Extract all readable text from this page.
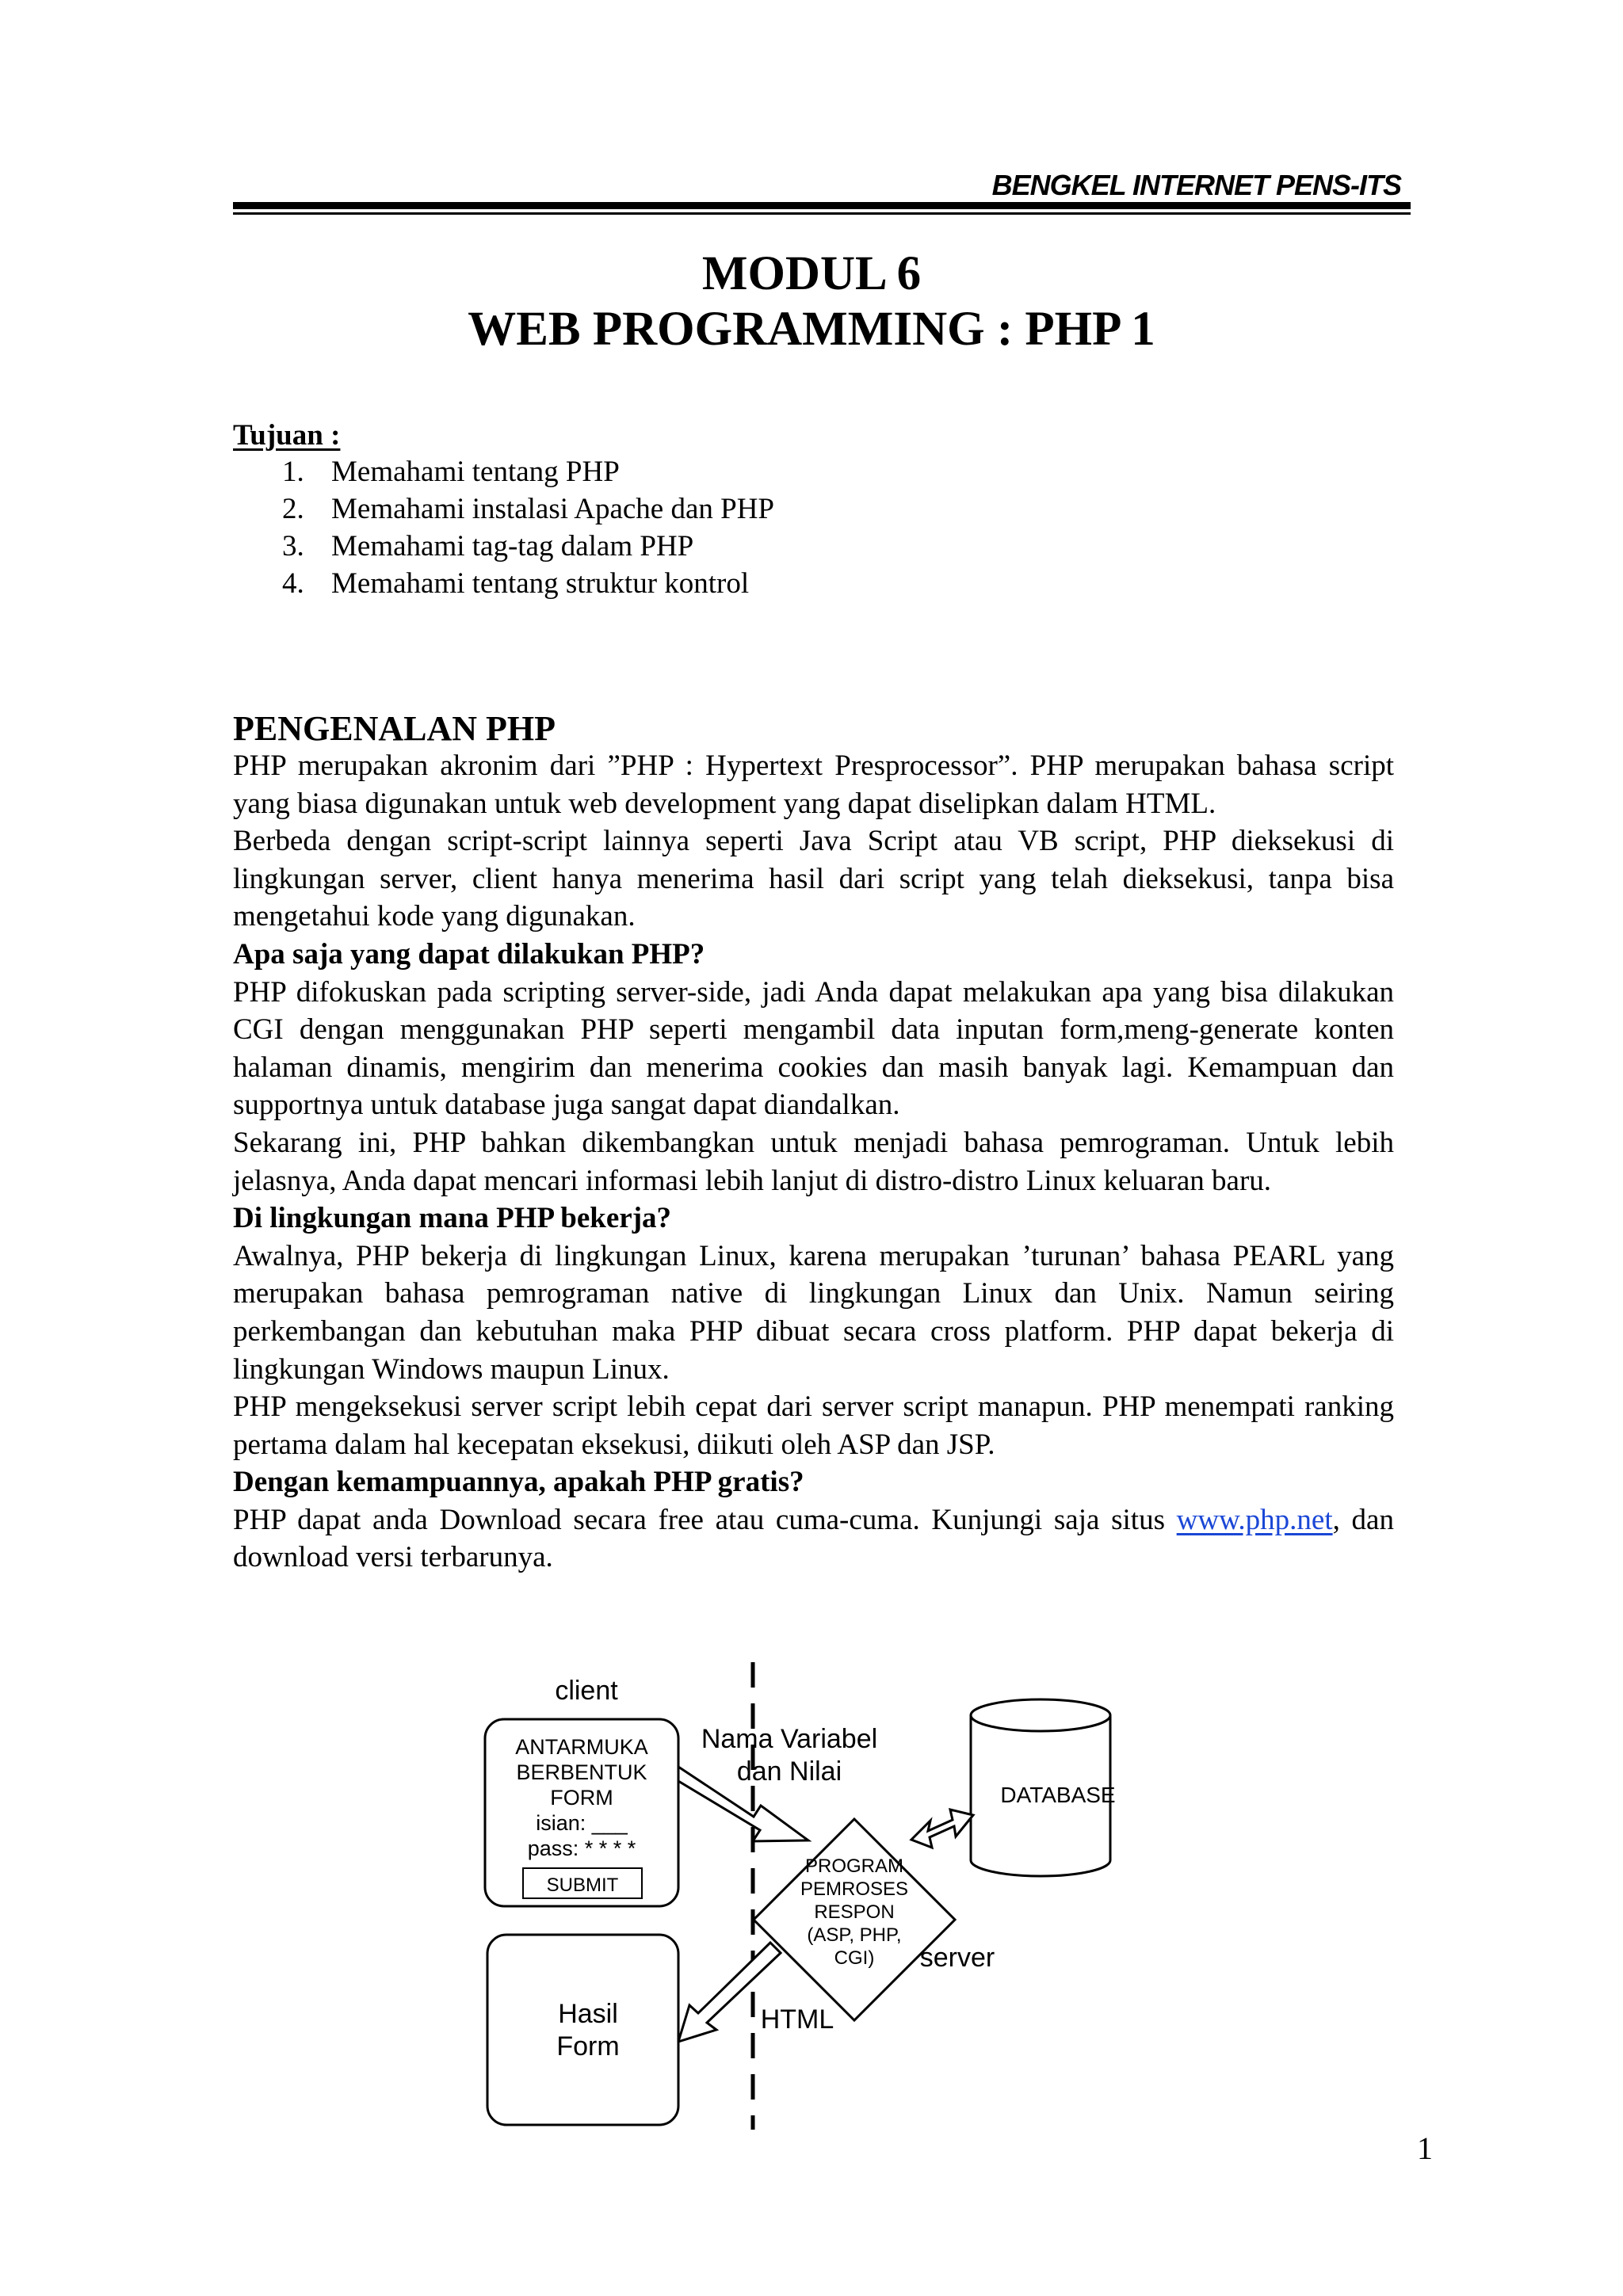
BENGKEL INTERNET PENS-ITS
MODUL 6
WEB PROGRAMMING : PHP 1
Tujuan :
1. Memahami tentang PHP
2. Memahami instalasi Apache dan PHP
3. Memahami tag-tag dalam PHP
4. Memahami tentang struktur kontrol
PENGENALAN PHP

PHP merupakan akronim dari ”PHP : Hypertext Presprocessor”. PHP merupakan bahasa script yang biasa digunakan untuk web development yang dapat diselipkan dalam HTML.

Berbeda dengan script-script lainnya seperti Java Script atau VB script, PHP dieksekusi di lingkungan server, client hanya menerima hasil dari script yang telah dieksekusi, tanpa bisa mengetahui kode yang digunakan.

Apa saja yang dapat dilakukan PHP?

PHP difokuskan pada scripting server-side, jadi Anda dapat melakukan apa yang bisa dilakukan CGI dengan menggunakan PHP seperti mengambil data inputan form,meng-generate konten halaman dinamis, mengirim dan menerima cookies dan masih banyak lagi. Kemampuan dan supportnya untuk database juga sangat dapat diandalkan.

Sekarang ini, PHP bahkan dikembangkan untuk menjadi bahasa pemrograman. Untuk lebih jelasnya, Anda dapat mencari informasi lebih lanjut di distro-distro Linux keluaran baru.

Di lingkungan mana PHP bekerja?

Awalnya, PHP bekerja di lingkungan Linux, karena merupakan ’turunan’ bahasa PEARL yang merupakan bahasa pemrograman native di lingkungan Linux dan Unix. Namun seiring perkembangan dan kebutuhan maka PHP dibuat secara cross platform. PHP dapat bekerja di lingkungan Windows maupun Linux.

PHP mengeksekusi server script lebih cepat dari server script manapun. PHP menempati ranking pertama dalam hal kecepatan eksekusi, diikuti oleh ASP dan JSP.

Dengan kemampuannya, apakah PHP gratis?

PHP dapat anda Download secara free atau cuma-cuma. Kunjungi saja situs www.php.net, dan download versi terbarunya.

client
ANTARMUKA
BERBENTUK
FORM
isian: ___
pass: * * * *
SUBMIT
Nama Variabel
dan Nilai
DATABASE
PROGRAM
PEMROSES
RESPON
(ASP, PHP,
CGI) server
HTML
Hasil
Form
1
